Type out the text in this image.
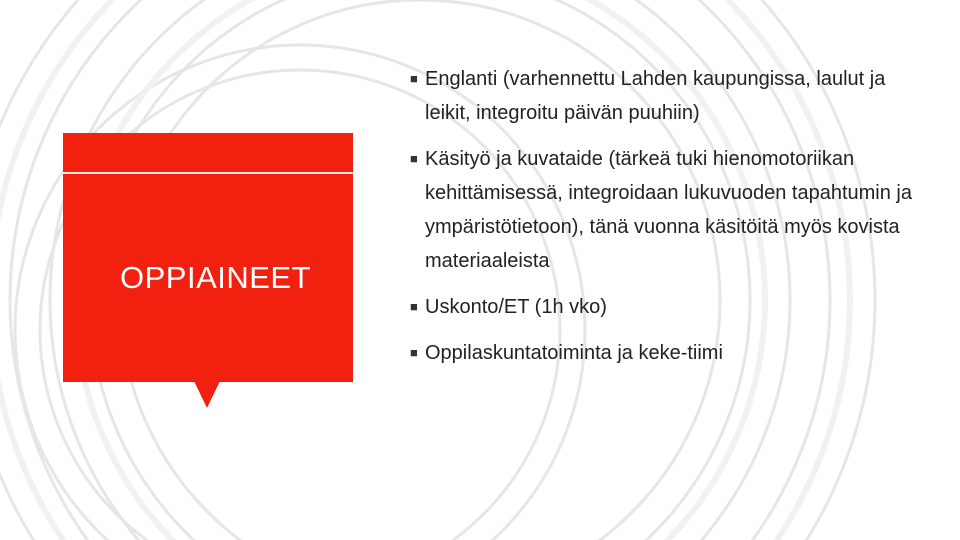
OPPIAINEET
■ Englanti (varhennettu Lahden kaupungissa, laulut ja leikit, integroitu päivän puuhiin)
■ Käsityö ja kuvataide (tärkeä tuki hienomotoriikan kehittämisessä, integroidaan lukuvuoden tapahtumin ja ympäristötietoon), tänä vuonna käsitöitä myös kovista materiaaleista
■ Uskonto/ET (1h vko)
■ Oppilaskuntatoiminta ja keke-tiimi
